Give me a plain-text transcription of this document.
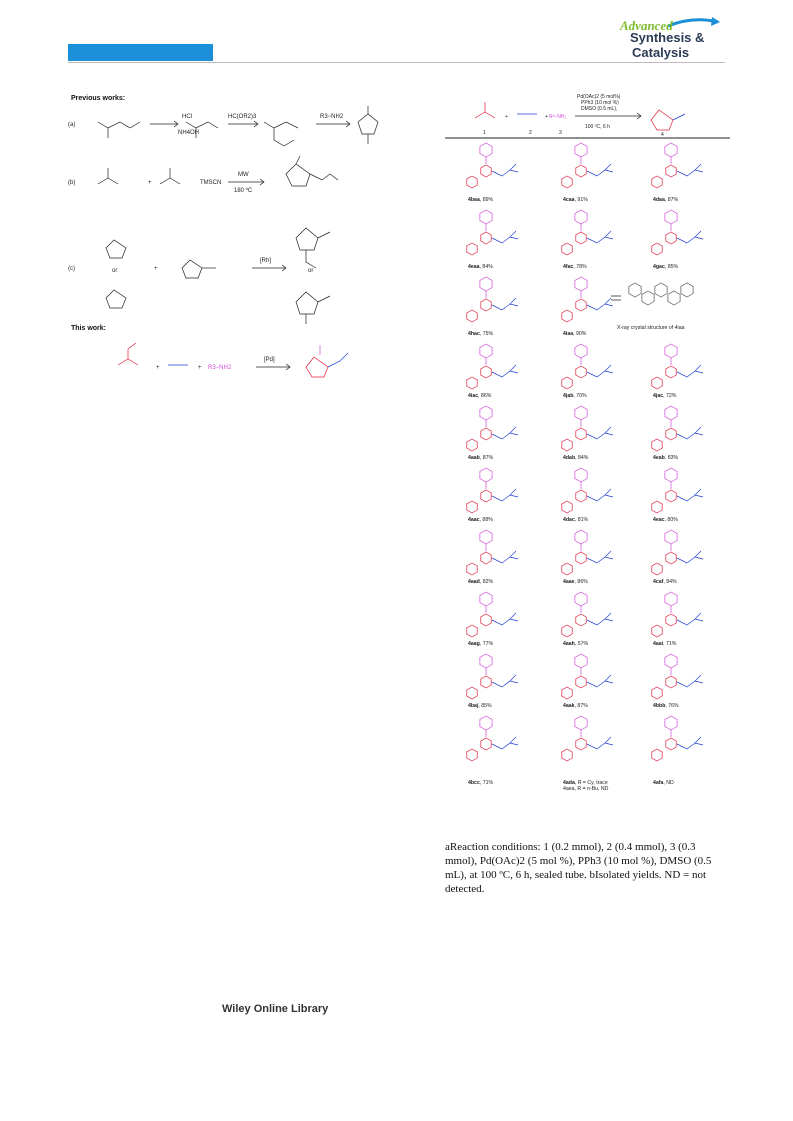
Advanced
Synthesis &
Catalysis
Previous works:
(a)
HCl
NH4OH
HC(OR2)3	R3−NH2
(b)	TMSCN
MW
180 ºC
(c)	or	or
[Rh]
+
+
This work:
+	+
[Pd]
R3−NH2
+	+
Pd(OAc)2 (5 mol%)
PPh3 (10 mol %)
DMSO (0.5 mL),
100 ºC, 6 h
1	2	3	4
R³−NH₂
4baa, 89%	4caa, 91%	4daa, 87%
4eaa, 84%	4fac, 78%	4gac, 85%
4hac, 75%	4iaa, 90%
X-ray crystal structure of 4iaa
4iac, 86%	4jab, 70%	4jac, 72%
4aab, 87%	4dab, 84%	4eab, 83%
4aac, 88%	4dac, 81%	4eac, 80%
4aad, 82%	4aae, 86%	4caf, 84%
4aag, 77%	4aah, 57%	4aai, 71%
4baj, 85%	4aak, 87%	4bbb, 76%
4bcc, 71%	4ada, R = Cy, trace	4afa, ND
4aea, R = n-Bu, ND
aReaction conditions: 1 (0.2 mmol), 2 (0.4 mmol), 3 (0.3 mmol), Pd(OAc)2 (5 mol %), PPh3 (10 mol %), DMSO (0.5 mL), at 100 ºC, 6 h, sealed tube. bIsolated yields. ND = not detected.
Wiley Online Library
